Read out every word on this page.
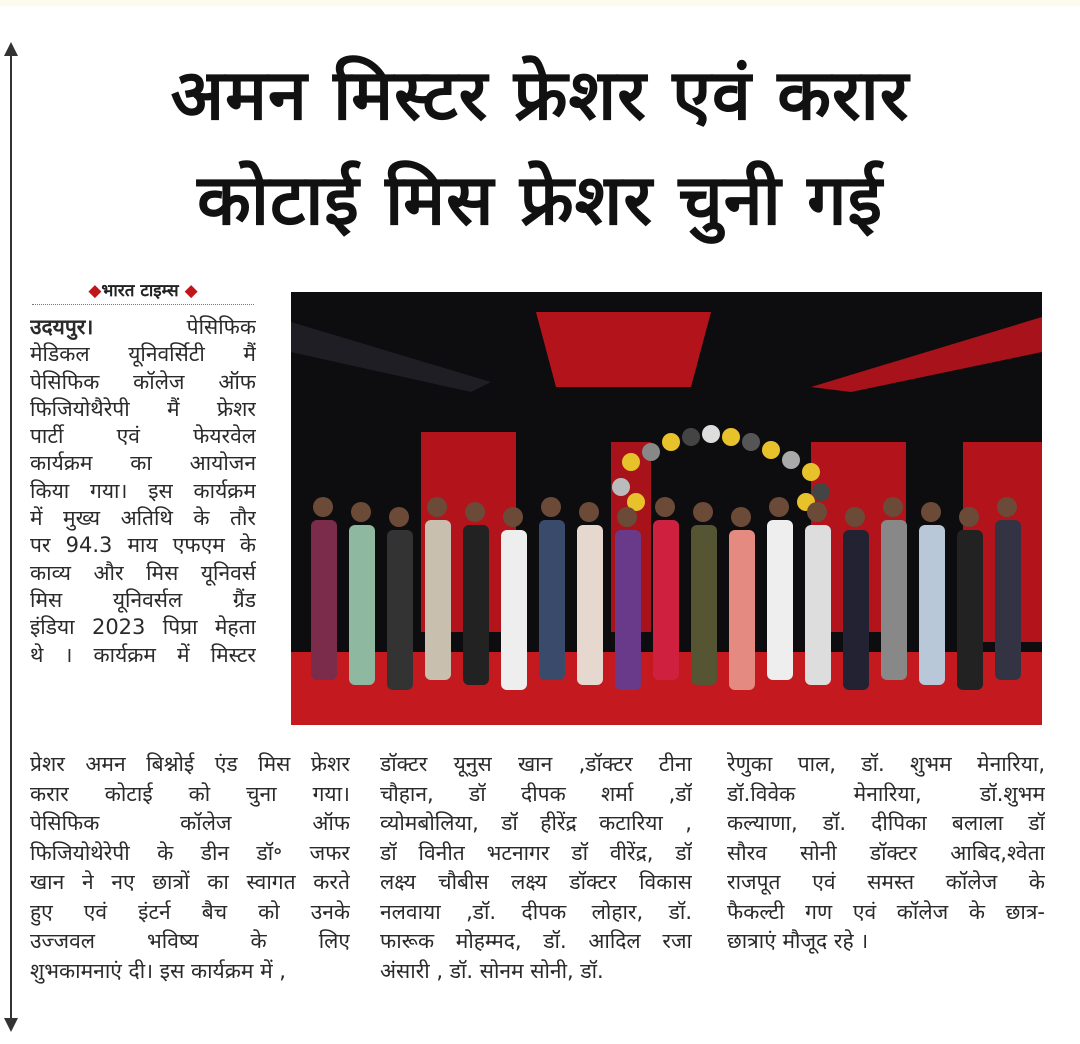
अमन मिस्टर फ्रेशर एवं करार
कोटाई मिस फ्रेशर चुनी गई
◆भारत टाइम्स ◆
उदयपुर।	पेसिफिक
मेडिकल यूनिवर्सिटी मैं
पेसिफिक कॉलेज ऑफ
फिजियोथैरेपी मैं फ्रेशर
पार्टी एवं फेयरवेल
कार्यक्रम का आयोजन
किया गया। इस कार्यक्रम
में मुख्य अतिथि के तौर
पर 94.3 माय एफएम के
काव्य और मिस यूनिवर्स
मिस यूनिवर्सल ग्रैंड
इंडिया 2023 पिप्रा मेहता
थे । कार्यक्रम में मिस्टर
प्रेशर अमन बिश्नोई एंड मिस फ्रेशर
करार कोटाई को चुना गया।
पेसिफिक कॉलेज ऑफ
फिजियोथेरेपी के डीन डॉ॰ जफर
खान ने नए छात्रों का स्वागत करते
हुए एवं इंटर्न बैच को उनके
उज्जवल भविष्य के लिए
शुभकामनाएं दी। इस कार्यक्रम में ,
डॉक्टर यूनुस खान ,डॉक्टर टीना
चौहान, डॉ दीपक शर्मा ,डॉ
व्योमबोलिया, डॉ हीरेंद्र कटारिया ,
डॉ विनीत भटनागर डॉ वीरेंद्र, डॉ
लक्ष्य चौबीस लक्ष्य डॉक्टर विकास
नलवाया ,डॉ. दीपक लोहार, डॉ.
फारूक मोहम्मद, डॉ. आदिल रजा
अंसारी , डॉ. सोनम सोनी, डॉ.
रेणुका पाल, डॉ. शुभम मेनारिया,
डॉ.विवेक मेनारिया, डॉ.शुभम
कल्याणा, डॉ. दीपिका बलाला डॉ
सौरव सोनी डॉक्टर आबिद,श्वेता
राजपूत एवं समस्त कॉलेज के
फैकल्टी गण एवं कॉलेज के छात्र-
छात्राएं मौजूद रहे ।
